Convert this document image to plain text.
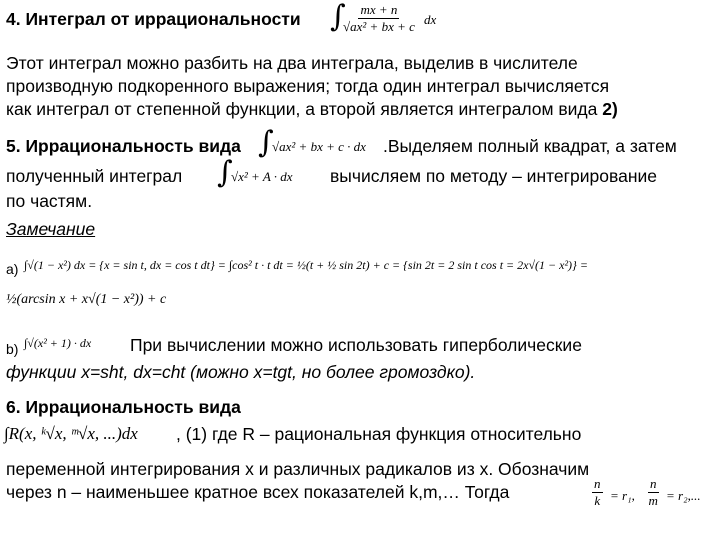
4. Интеграл от иррациональности ∫
$\frac{mx + n}{\text{√ax² + bx + c}}$ dx
Этот интеграл можно разбить на два интеграла, выделив в числителе
производную подкоренного выражения; тогда один интеграл вычисляется
как интеграл от степенной функции, а второй является интегралом вида 2)
5. Иррациональность вида ∫
√ax² + bx + c · dx .Выделяем полный квадрат, а затем
полученный интеграл ∫
√x² + A · dx вычисляем по методу – интегрирование
по частям.
Замечание
a) ∫√(1 − x²) dx = {x = sin t, dx = cos t dt} = ∫cos² t · t dt = ½(t + ½ sin 2t) + c = {sin 2t = 2 sin t cos t = 2x√(1 − x²)} =
½(arcsin x + x√(1 − x²)) + c
b) ∫√(x² + 1) · dx При вычислении можно использовать гиперболические
функции x=sht, dx=cht (можно x=tgt, но более громоздко).
6. Иррациональность вида
∫R(x, ᵏ√x, ᵐ√x, ...)dx , (1) где R – рациональная функция относительно
переменной интегрирования x и различных радикалов из x. Обозначим
через n – наименьшее кратное всех показателей k,m,… Тогда	n
k = r₁,
n
m = r₂,...
